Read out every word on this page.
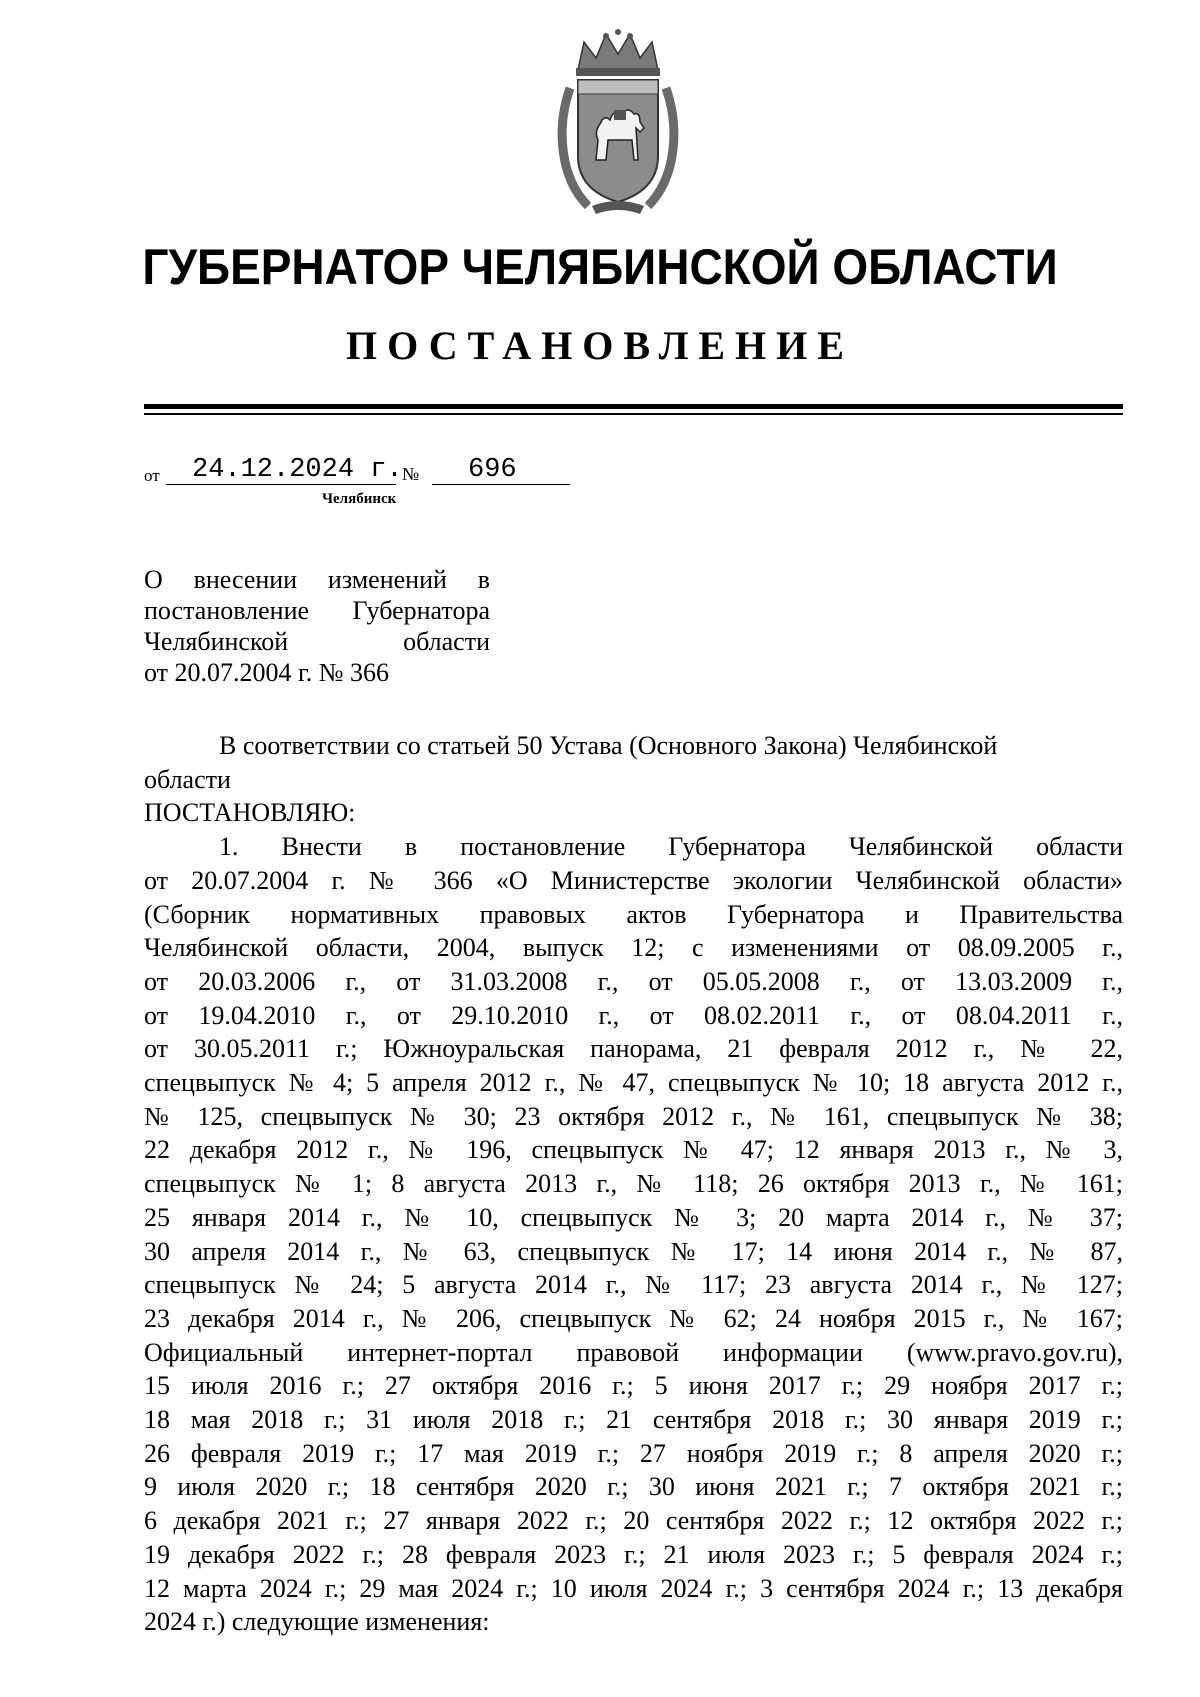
ГУБЕРНАТОР ЧЕЛЯБИНСКОЙ ОБЛАСТИ
ПОСТАНОВЛЕНИЕ
от 24.12.2024 г. № 696
Челябинск
О внесении изменений в
постановление Губернатора
Челябинской области
от 20.07.2004 г. № 366
В соответствии со статьей 50 Устава (Основного Закона) Челябинской
области
ПОСТАНОВЛЯЮ:
1. Внести в постановление Губернатора Челябинской области
от 20.07.2004 г. № 366 «О Министерстве экологии Челябинской области»
(Сборник нормативных правовых актов Губернатора и Правительства
Челябинской области, 2004, выпуск 12; с изменениями от 08.09.2005 г.,
от 20.03.2006 г., от 31.03.2008 г., от 05.05.2008 г., от 13.03.2009 г.,
от 19.04.2010 г., от 29.10.2010 г., от 08.02.2011 г., от 08.04.2011 г.,
от 30.05.2011 г.; Южноуральская панорама, 21 февраля 2012 г., № 22,
спецвыпуск № 4; 5 апреля 2012 г., № 47, спецвыпуск № 10; 18 августа 2012 г.,
№ 125, спецвыпуск № 30; 23 октября 2012 г., № 161, спецвыпуск № 38;
22 декабря 2012 г., № 196, спецвыпуск № 47; 12 января 2013 г., № 3,
спецвыпуск № 1; 8 августа 2013 г., № 118; 26 октября 2013 г., № 161;
25 января 2014 г., № 10, спецвыпуск № 3; 20 марта 2014 г., № 37;
30 апреля 2014 г., № 63, спецвыпуск № 17; 14 июня 2014 г., № 87,
спецвыпуск № 24; 5 августа 2014 г., № 117; 23 августа 2014 г., № 127;
23 декабря 2014 г., № 206, спецвыпуск № 62; 24 ноября 2015 г., № 167;
Официальный интернет-портал правовой информации (www.pravo.gov.ru),
15 июля 2016 г.; 27 октября 2016 г.; 5 июня 2017 г.; 29 ноября 2017 г.;
18 мая 2018 г.; 31 июля 2018 г.; 21 сентября 2018 г.; 30 января 2019 г.;
26 февраля 2019 г.; 17 мая 2019 г.; 27 ноября 2019 г.; 8 апреля 2020 г.;
9 июля 2020 г.; 18 сентября 2020 г.; 30 июня 2021 г.; 7 октября 2021 г.;
6 декабря 2021 г.; 27 января 2022 г.; 20 сентября 2022 г.; 12 октября 2022 г.;
19 декабря 2022 г.; 28 февраля 2023 г.; 21 июля 2023 г.; 5 февраля 2024 г.;
12 марта 2024 г.; 29 мая 2024 г.; 10 июля 2024 г.; 3 сентября 2024 г.; 13 декабря
2024 г.) следующие изменения:
